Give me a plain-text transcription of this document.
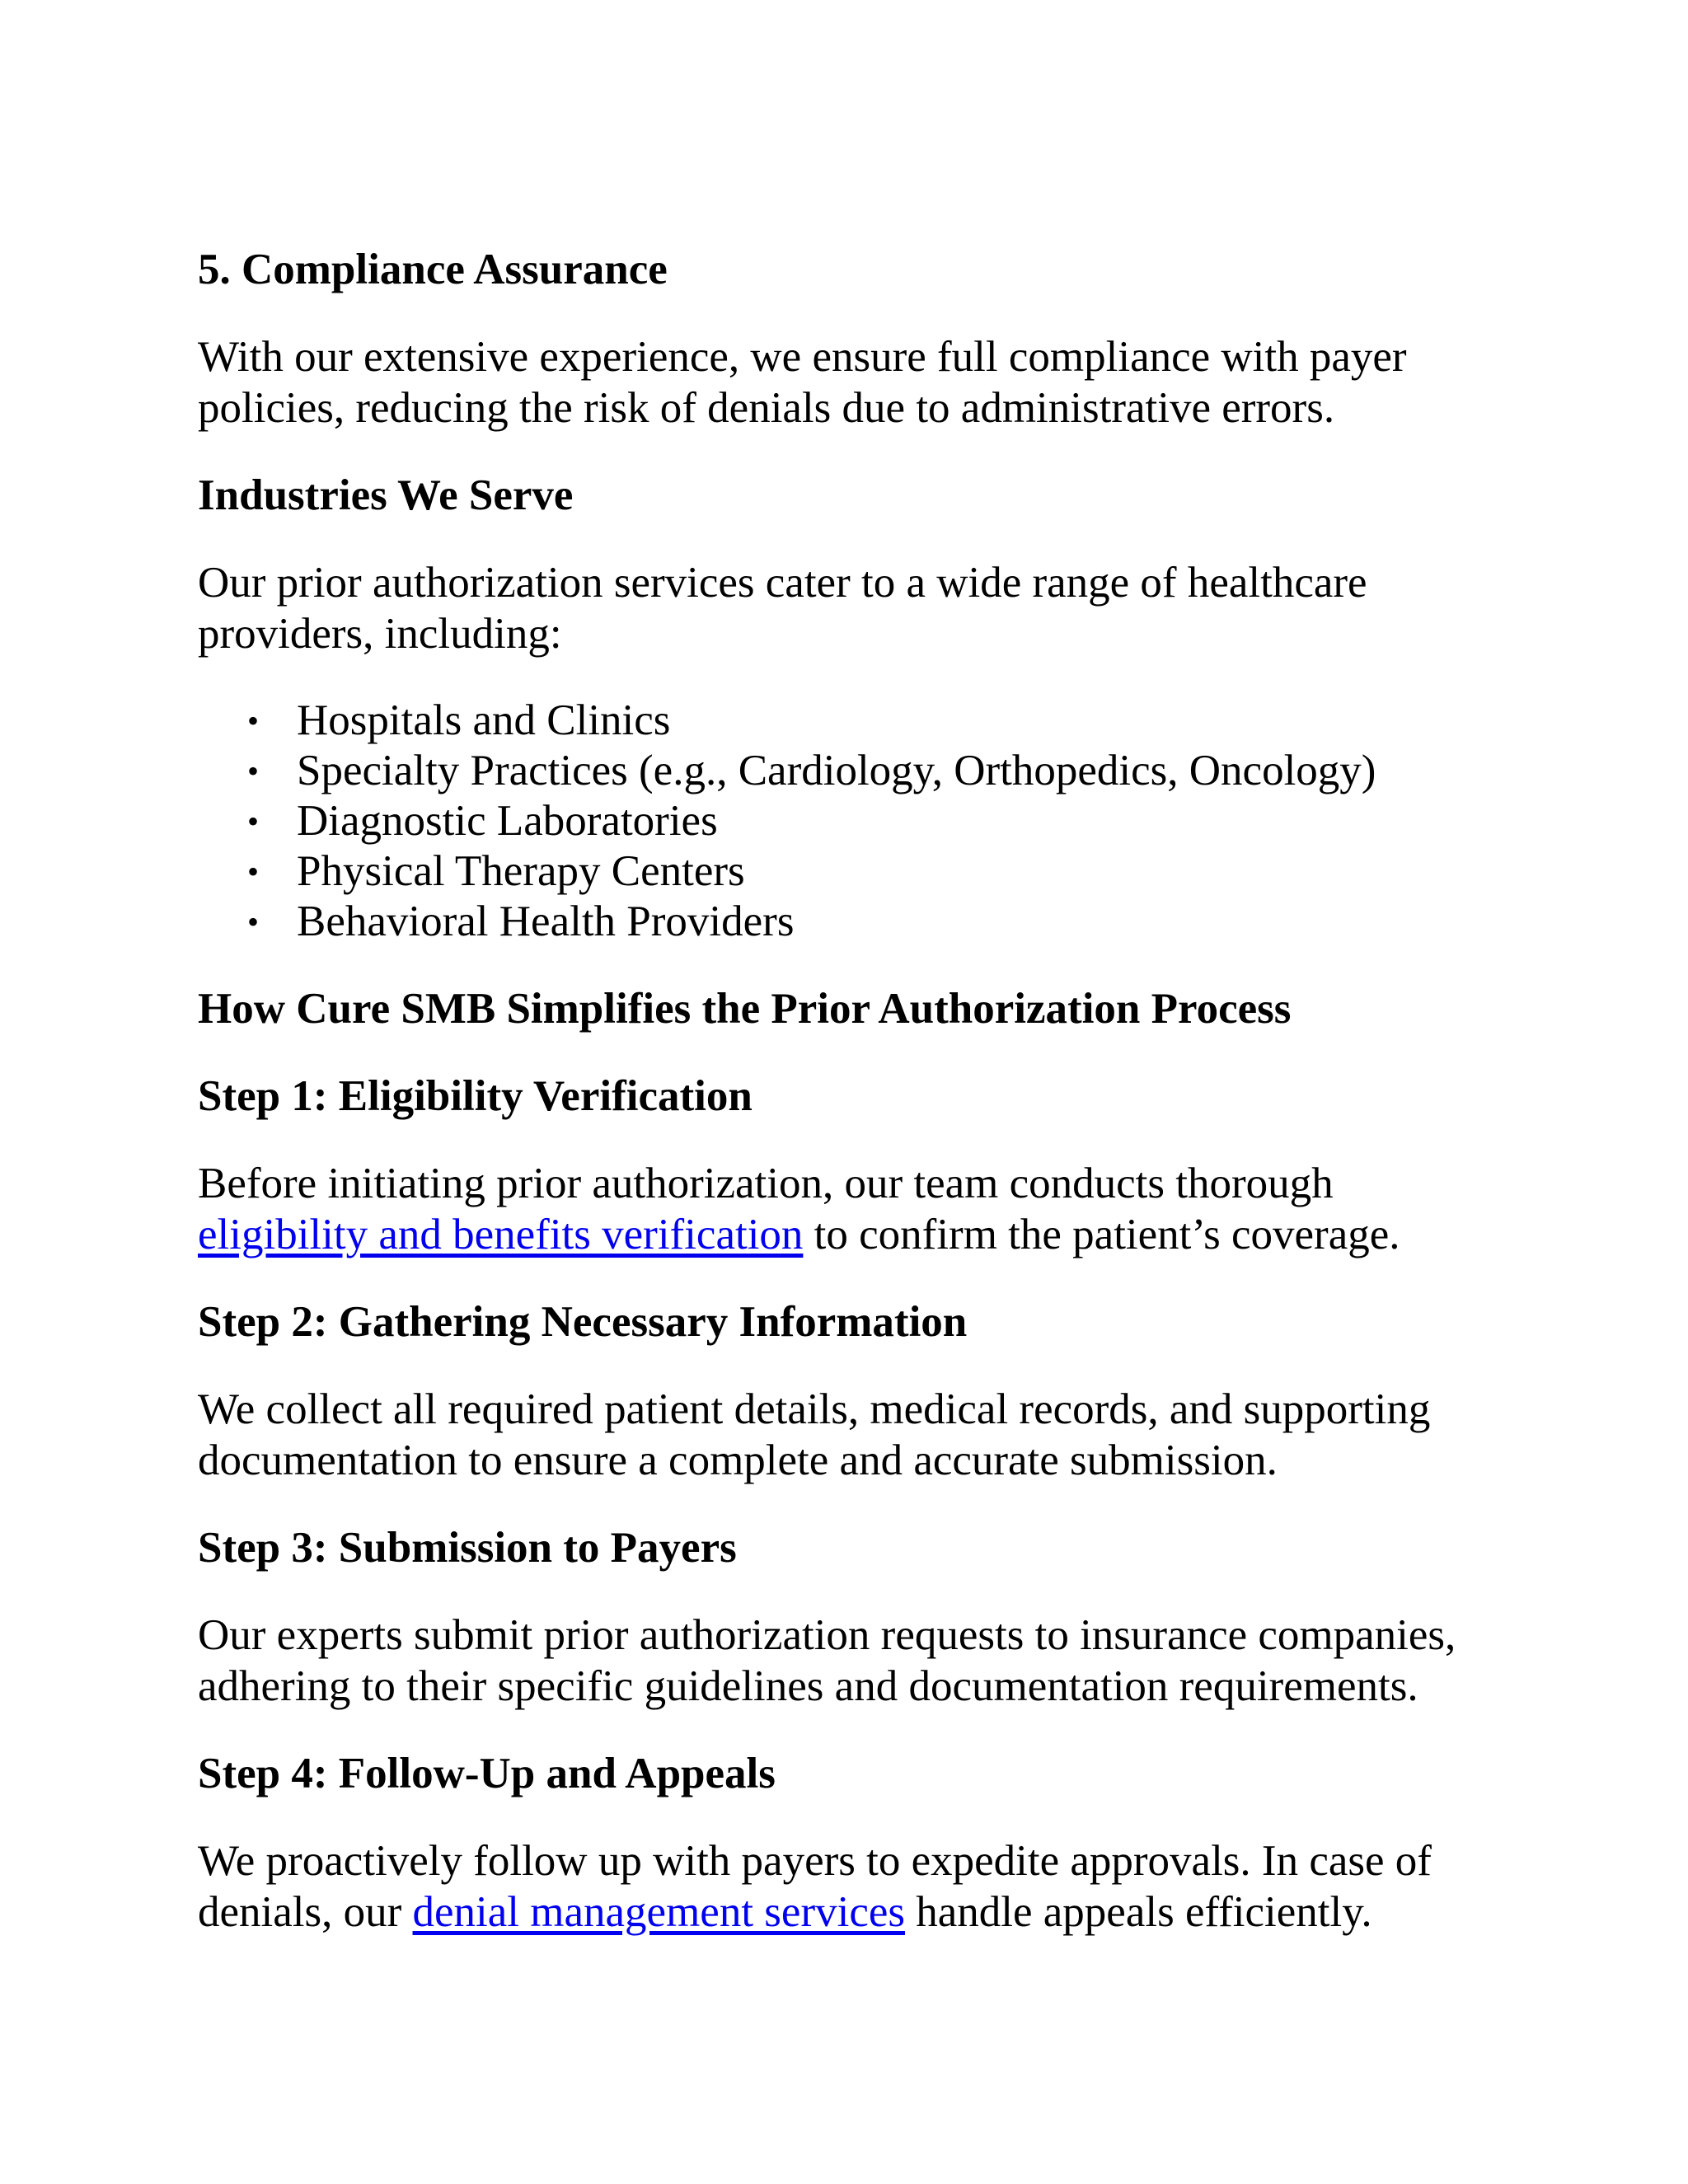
5. Compliance Assurance

With our extensive experience, we ensure full compliance with payer policies, reducing the risk of denials due to administrative errors.

Industries We Serve

Our prior authorization services cater to a wide range of healthcare providers, including:

• Hospitals and Clinics
• Specialty Practices (e.g., Cardiology, Orthopedics, Oncology)
• Diagnostic Laboratories
• Physical Therapy Centers
• Behavioral Health Providers
How Cure SMB Simplifies the Prior Authorization Process
Step 1: Eligibility Verification

Before initiating prior authorization, our team conducts thorough eligibility and benefits verification to confirm the patient’s coverage.

Step 2: Gathering Necessary Information

We collect all required patient details, medical records, and supporting documentation to ensure a complete and accurate submission.

Step 3: Submission to Payers

Our experts submit prior authorization requests to insurance companies, adhering to their specific guidelines and documentation requirements.

Step 4: Follow-Up and Appeals

We proactively follow up with payers to expedite approvals. In case of denials, our denial management services handle appeals efficiently.
